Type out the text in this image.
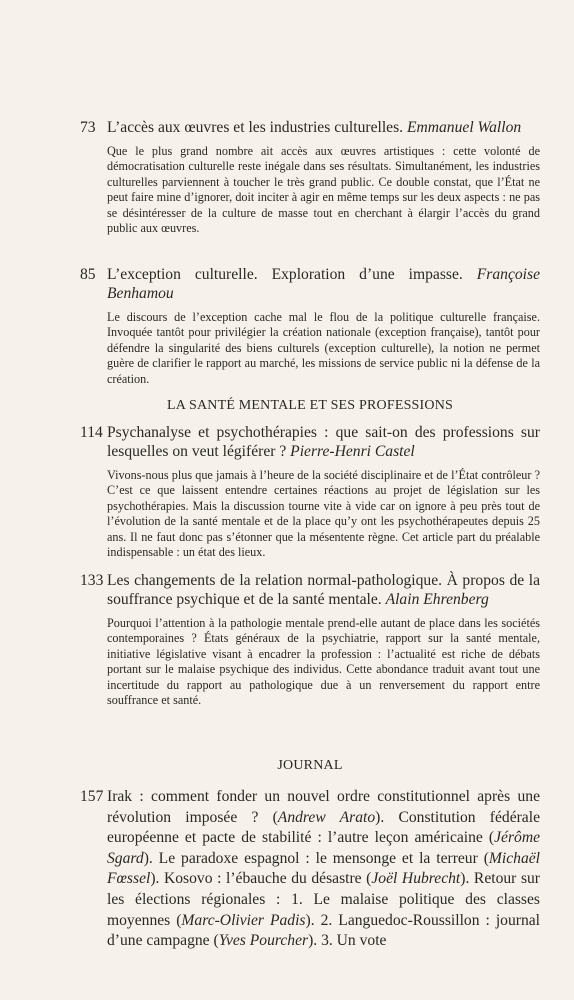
73 L’accès aux œuvres et les industries culturelles. Emmanuel Wallon
Que le plus grand nombre ait accès aux œuvres artistiques : cette volonté de démocratisation culturelle reste inégale dans ses résultats. Simultanément, les industries culturelles parviennent à toucher le très grand public. Ce double constat, que l’État ne peut faire mine d’ignorer, doit inciter à agir en même temps sur les deux aspects : ne pas se désintéresser de la culture de masse tout en cherchant à élargir l’accès du grand public aux œuvres.
85 L’exception culturelle. Exploration d’une impasse. Françoise Benhamou
Le discours de l’exception cache mal le flou de la politique culturelle française. Invoquée tantôt pour privilégier la création nationale (exception française), tantôt pour défendre la singularité des biens culturels (exception culturelle), la notion ne permet guère de clarifier le rapport au marché, les missions de service public ni la défense de la création.
LA SANTÉ MENTALE ET SES PROFESSIONS
114 Psychanalyse et psychothérapies : que sait-on des professions sur lesquelles on veut légiférer ? Pierre-Henri Castel
Vivons-nous plus que jamais à l’heure de la société disciplinaire et de l’État contrôleur ? C’est ce que laissent entendre certaines réactions au projet de législation sur les psychothérapies. Mais la discussion tourne vite à vide car on ignore à peu près tout de l’évolution de la santé mentale et de la place qu’y ont les psychothérapeutes depuis 25 ans. Il ne faut donc pas s’étonner que la mésentente règne. Cet article part du préalable indispensable : un état des lieux.
133 Les changements de la relation normal-pathologique. À propos de la souffrance psychique et de la santé mentale. Alain Ehrenberg
Pourquoi l’attention à la pathologie mentale prend-elle autant de place dans les sociétés contemporaines ? États généraux de la psychiatrie, rapport sur la santé mentale, initiative législative visant à encadrer la profession : l’actualité est riche de débats portant sur le malaise psychique des individus. Cette abondance traduit avant tout une incertitude du rapport au pathologique due à un renversement du rapport entre souffrance et santé.
JOURNAL
157 Irak : comment fonder un nouvel ordre constitutionnel après une révolution imposée ? (Andrew Arato). Constitution fédérale européenne et pacte de stabilité : l’autre leçon américaine (Jérôme Sgard). Le paradoxe espagnol : le mensonge et la terreur (Michaël Fœssel). Kosovo : l’ébauche du désastre (Joël Hubrecht). Retour sur les élections régionales : 1. Le malaise politique des classes moyennes (Marc-Olivier Padis). 2. Languedoc-Roussillon : journal d’une campagne (Yves Pourcher). 3. Un vote
